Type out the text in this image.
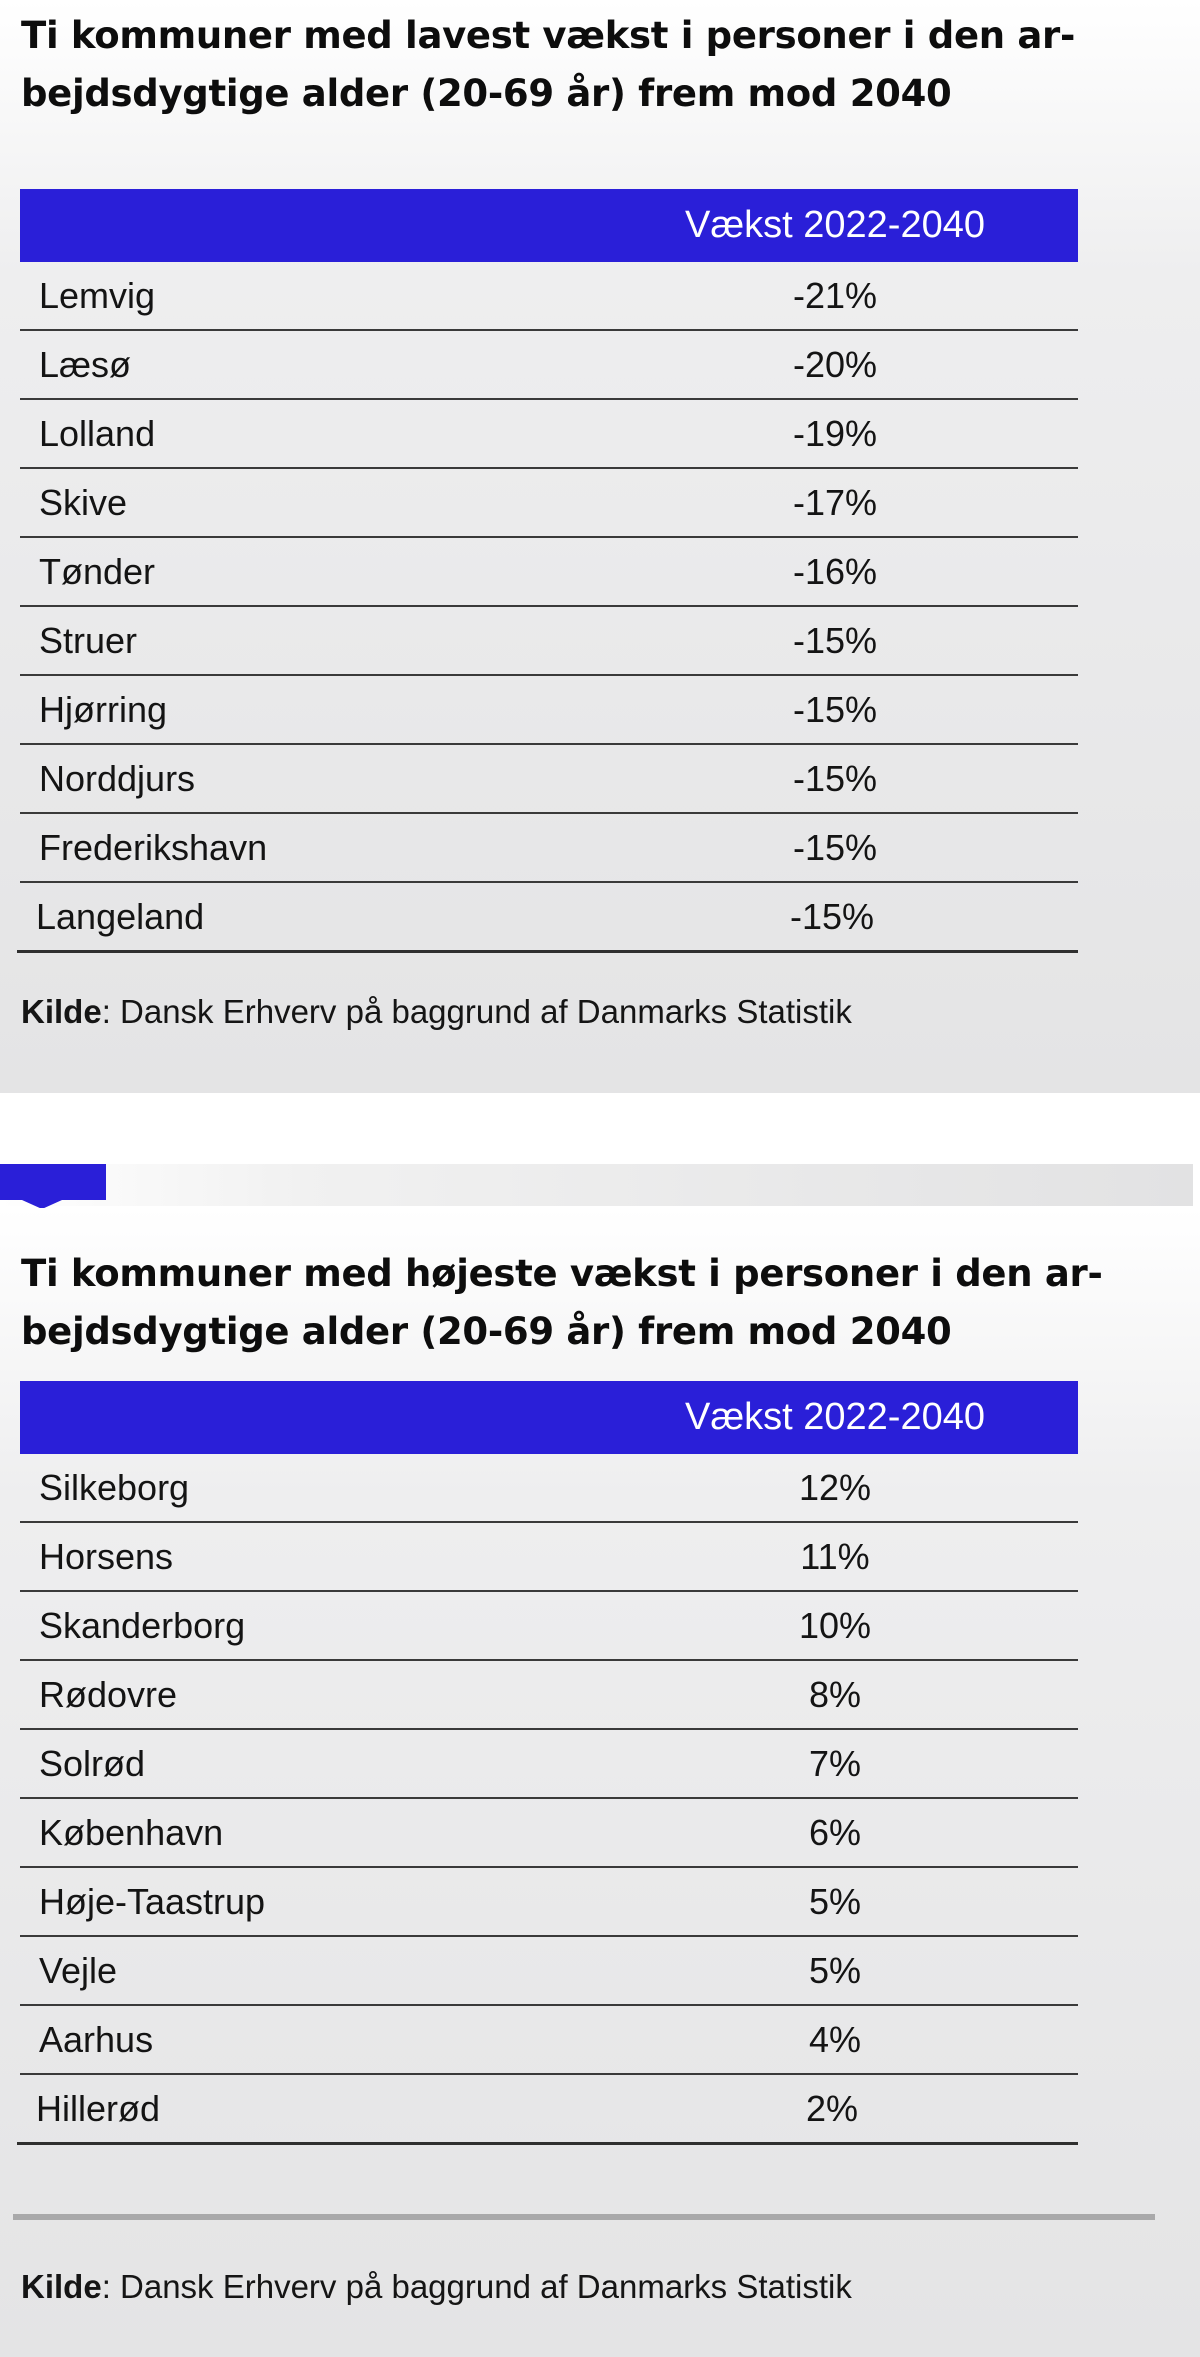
Ti kommuner med lavest vækst i personer i den ar-
bejdsdygtige alder (20-69 år) frem mod 2040
Vækst 2022-2040
Lemvig	-21%
Læsø	-20%
Lolland	-19%
Skive	-17%
Tønder	-16%
Struer	-15%
Hjørring	-15%
Norddjurs	-15%
Frederikshavn	-15%
Langeland	-15%
Kilde: Dansk Erhverv på baggrund af Danmarks Statistik
Ti kommuner med højeste vækst i personer i den ar-
bejdsdygtige alder (20-69 år) frem mod 2040
Vækst 2022-2040
Silkeborg	12%
Horsens	11%
Skanderborg	10%
Rødovre	8%
Solrød	7%
København	6%
Høje-Taastrup	5%
Vejle	5%
Aarhus	4%
Hillerød	2%
Kilde: Dansk Erhverv på baggrund af Danmarks Statistik
